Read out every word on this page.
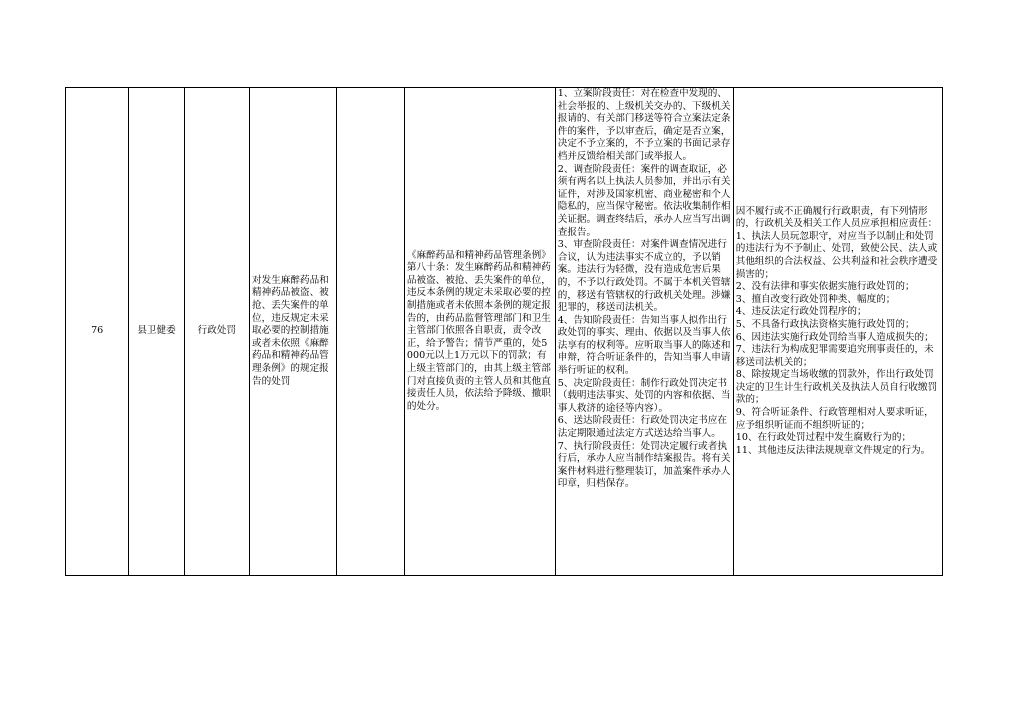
76	县卫健委	行政处罚	对发生麻醉药品和精神药品被盗、被抢、丢失案件的单位，违反规定未采取必要的控制措施或者未依照《麻醉药品和精神药品管理条例》的规定报告的处罚		《麻醉药品和精神药品管理条例》第八十条：发生麻醉药品和精神药品被盗、被抢、丢失案件的单位，违反本条例的规定未采取必要的控制措施或者未依照本条例的规定报告的，由药品监督管理部门和卫生主管部门依照各自职责，责令改正，给予警告；情节严重的，处5000元以上1万元以下的罚款；有上级主管部门的，由其上级主管部门对直接负责的主管人员和其他直接责任人员，依法给予降级、撤职的处分。	1、立案阶段责任：对在检查中发现的、社会举报的、上级机关交办的、下级机关报请的、有关部门移送等符合立案法定条件的案件，予以审查后，确定是否立案，决定不予立案的，不予立案的书面记录存档并反馈给相关部门或举报人。
2、调查阶段责任：案件的调查取证，必须有两名以上执法人员参加，并出示有关证件，对涉及国家机密、商业秘密和个人隐私的，应当保守秘密。依法收集制作相关证据。调查终结后，承办人应当写出调查报告。
3、审查阶段责任：对案件调查情况进行合议，认为违法事实不成立的，予以销案。违法行为轻微，没有造成危害后果的，不予以行政处罚。不属于本机关管辖的，移送有管辖权的行政机关处理。涉嫌犯罪的，移送司法机关。
4、告知阶段责任：告知当事人拟作出行政处罚的事实、理由、依据以及当事人依法享有的权利等。应听取当事人的陈述和申辩，符合听证条件的，告知当事人申请举行听证的权利。
5、决定阶段责任：制作行政处罚决定书（载明违法事实、处罚的内容和依据、当事人救济的途径等内容）。
6、送达阶段责任：行政处罚决定书应在法定期限通过法定方式送达给当事人。
7、执行阶段责任：处罚决定履行或者执行后，承办人应当制作结案报告。将有关案件材料进行整理装订，加盖案件承办人印章，归档保存。	因不履行或不正确履行行政职责，有下列情形的，行政机关及相关工作人员应承担相应责任：
1、执法人员玩忽职守，对应当予以制止和处罚的违法行为不予制止、处罚，致使公民、法人或其他组织的合法权益、公共利益和社会秩序遭受损害的；
2、没有法律和事实依据实施行政处罚的；
3、擅自改变行政处罚种类、幅度的；
4、违反法定行政处罚程序的；
5、不具备行政执法资格实施行政处罚的；
6、因违法实施行政处罚给当事人造成损失的；
7、违法行为构成犯罪需要追究刑事责任的，未移送司法机关的；
8、除按规定当场收缴的罚款外，作出行政处罚决定的卫生计生行政机关及执法人员自行收缴罚款的；
9、符合听证条件、行政管理相对人要求听证，应予组织听证而不组织听证的；
10、在行政处罚过程中发生腐败行为的；
11、其他违反法律法规规章文件规定的行为。
